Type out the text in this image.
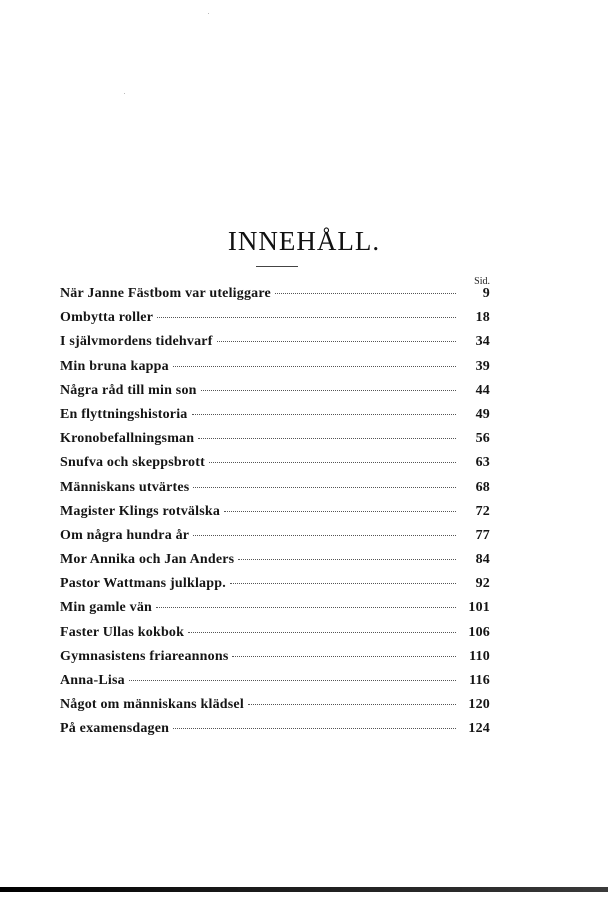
INNEHÅLL.
Sid.
När Janne Fästbom var uteliggare	9
Ombytta roller	18
I självmordens tidehvarf	34
Min bruna kappa	39
Några råd till min son	44
En flyttningshistoria	49
Kronobefallningsman	56
Snufva och skeppsbrott	63
Människans utvärtes	68
Magister Klings rotvälska	72
Om några hundra år	77
Mor Annika och Jan Anders	84
Pastor Wattmans julklapp.	92
Min gamle vän	101
Faster Ullas kokbok	106
Gymnasistens friareannons	110
Anna-Lisa	116
Något om människans klädsel	120
På examensdagen	124
